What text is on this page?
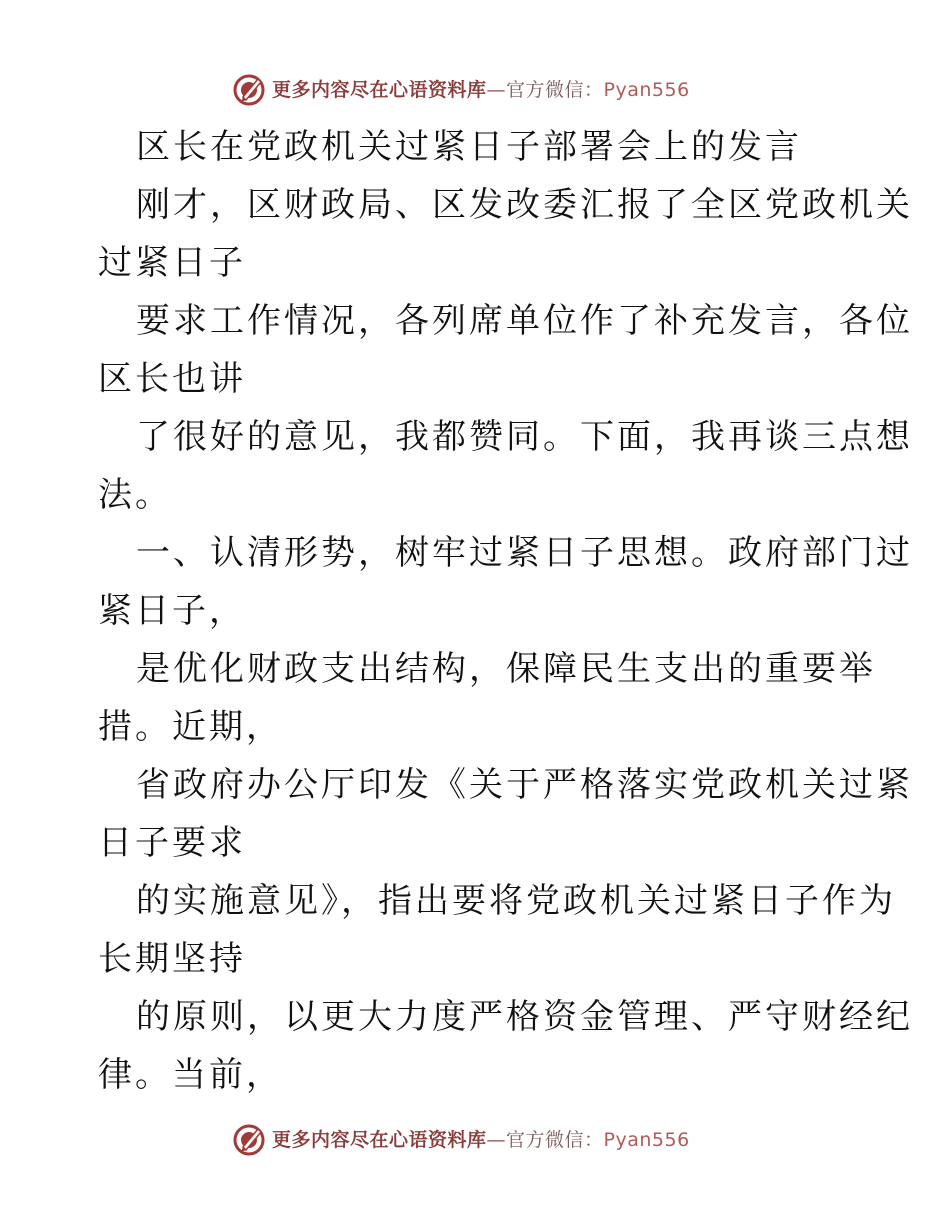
更多内容尽在心语资料库—官方微信：Pyan556
区长在党政机关过紧日子部署会上的发言
刚才，区财政局、区发改委汇报了全区党政机关
过紧日子
要求工作情况，各列席单位作了补充发言，各位
区长也讲
了很好的意见，我都赞同。下面，我再谈三点想
法。
一、认清形势，树牢过紧日子思想。政府部门过
紧日子，
是优化财政支出结构，保障民生支出的重要举
措。近期，
省政府办公厅印发《关于严格落实党政机关过紧
日子要求
的实施意见》，指出要将党政机关过紧日子作为
长期坚持
的原则，以更大力度严格资金管理、严守财经纪
律。当前，
更多内容尽在心语资料库—官方微信：Pyan556
